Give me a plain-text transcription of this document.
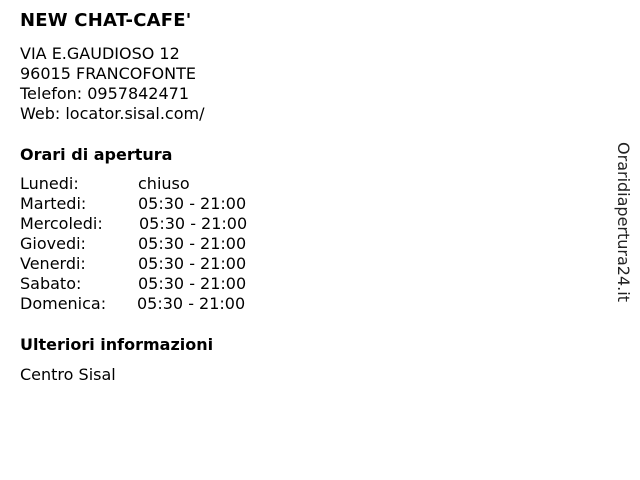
NEW CHAT-CAFE'
VIA E.GAUDIOSO 12
96015 FRANCOFONTE
Telefon: 0957842471
Web: locator.sisal.com/
Orari di apertura
Lunedi:	chiuso
Martedi:	05:30 - 21:00
Mercoledi: 05:30 - 21:00
Giovedi:	05:30 - 21:00
Venerdi:	05:30 - 21:00
Sabato:	05:30 - 21:00
Domenica: 05:30 - 21:00
Ulteriori informazioni
Centro Sisal
Oraridiapertura24.it
